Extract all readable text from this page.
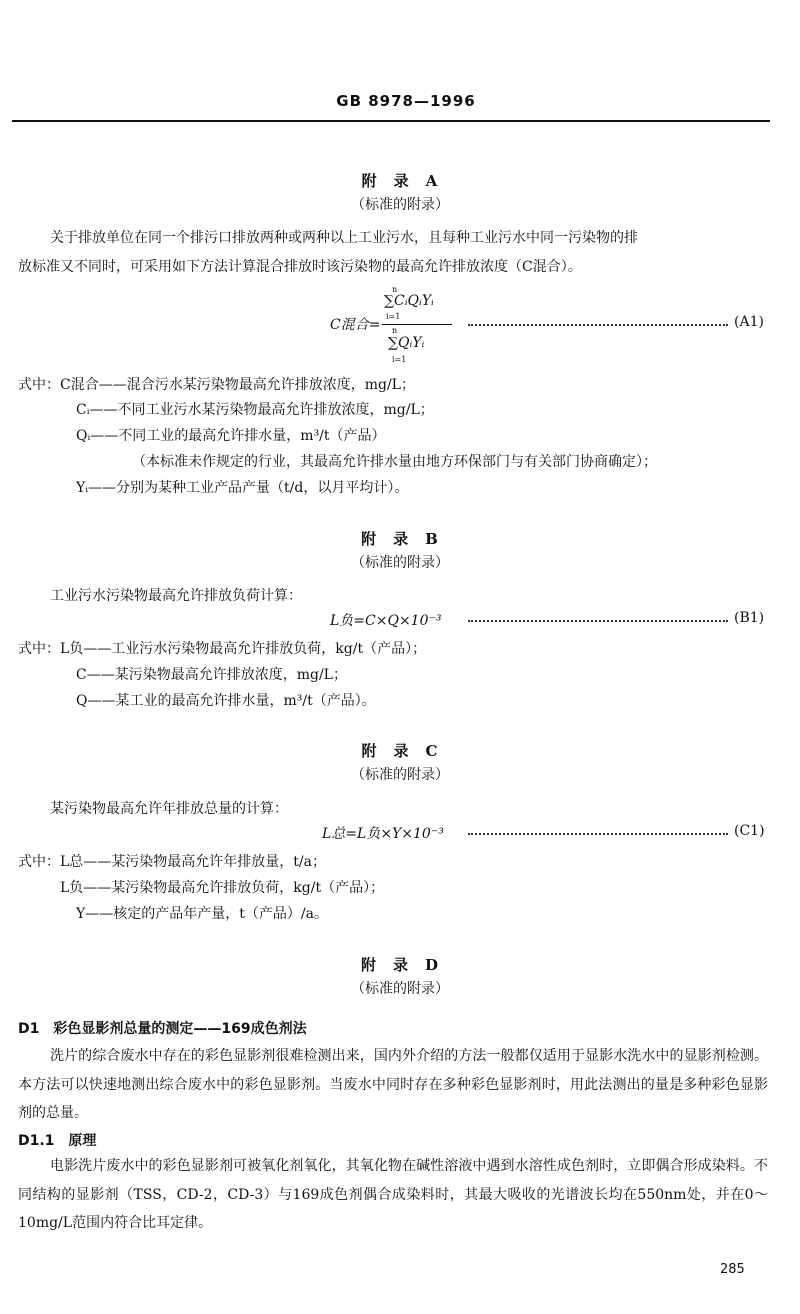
GB 8978—1996
附　录　A
（标准的附录）
关于排放单位在同一个排污口排放两种或两种以上工业污水，且每种工业污水中同一污染物的排
放标准又不同时，可采用如下方法计算混合排放时该污染物的最高允许排放浓度（C混合）。
C混合=
n
∑CᵢQᵢYᵢ
i=1
n
∑QᵢYᵢ
i=1
(A1)
式中： C混合——混合污水某污染物最高允许排放浓度，mg/L；
Cᵢ——不同工业污水某污染物最高允许排放浓度，mg/L；
Qᵢ——不同工业的最高允许排水量，m³/t（产品）
（本标准未作规定的行业，其最高允许排水量由地方环保部门与有关部门协商确定）；
Yᵢ——分别为某种工业产品产量（t/d，以月平均计）。
附　录　B
（标准的附录）
工业污水污染物最高允许排放负荷计算：
L负=C×Q×10⁻³	(B1)
式中： L负——工业污水污染物最高允许排放负荷，kg/t（产品）；
C——某污染物最高允许排放浓度，mg/L；
Q——某工业的最高允许排水量，m³/t（产品）。
附　录　C
（标准的附录）
某污染物最高允许年排放总量的计算：
L总=L负×Y×10⁻³	(C1)
式中： L总——某污染物最高允许年排放量，t/a；
L负——某污染物最高允许排放负荷，kg/t（产品）；
Y——核定的产品年产量，t（产品）/a。
附　录　D
（标准的附录）
D1　彩色显影剂总量的测定——169成色剂法
洗片的综合废水中存在的彩色显影剂很难检测出来，国内外介绍的方法一般都仅适用于显影水洗水中的显影剂检测。本方法可以快速地测出综合废水中的彩色显影剂。当废水中同时存在多种彩色显影剂时，用此法测出的量是多种彩色显影剂的总量。
D1.1　原理
电影洗片废水中的彩色显影剂可被氧化剂氧化，其氧化物在碱性溶液中遇到水溶性成色剂时，立即偶合形成染料。不同结构的显影剂（TSS，CD-2，CD-3）与169成色剂偶合成染料时，其最大吸收的光谱波长均在550nm处，并在0～10mg/L范围内符合比耳定律。
285
